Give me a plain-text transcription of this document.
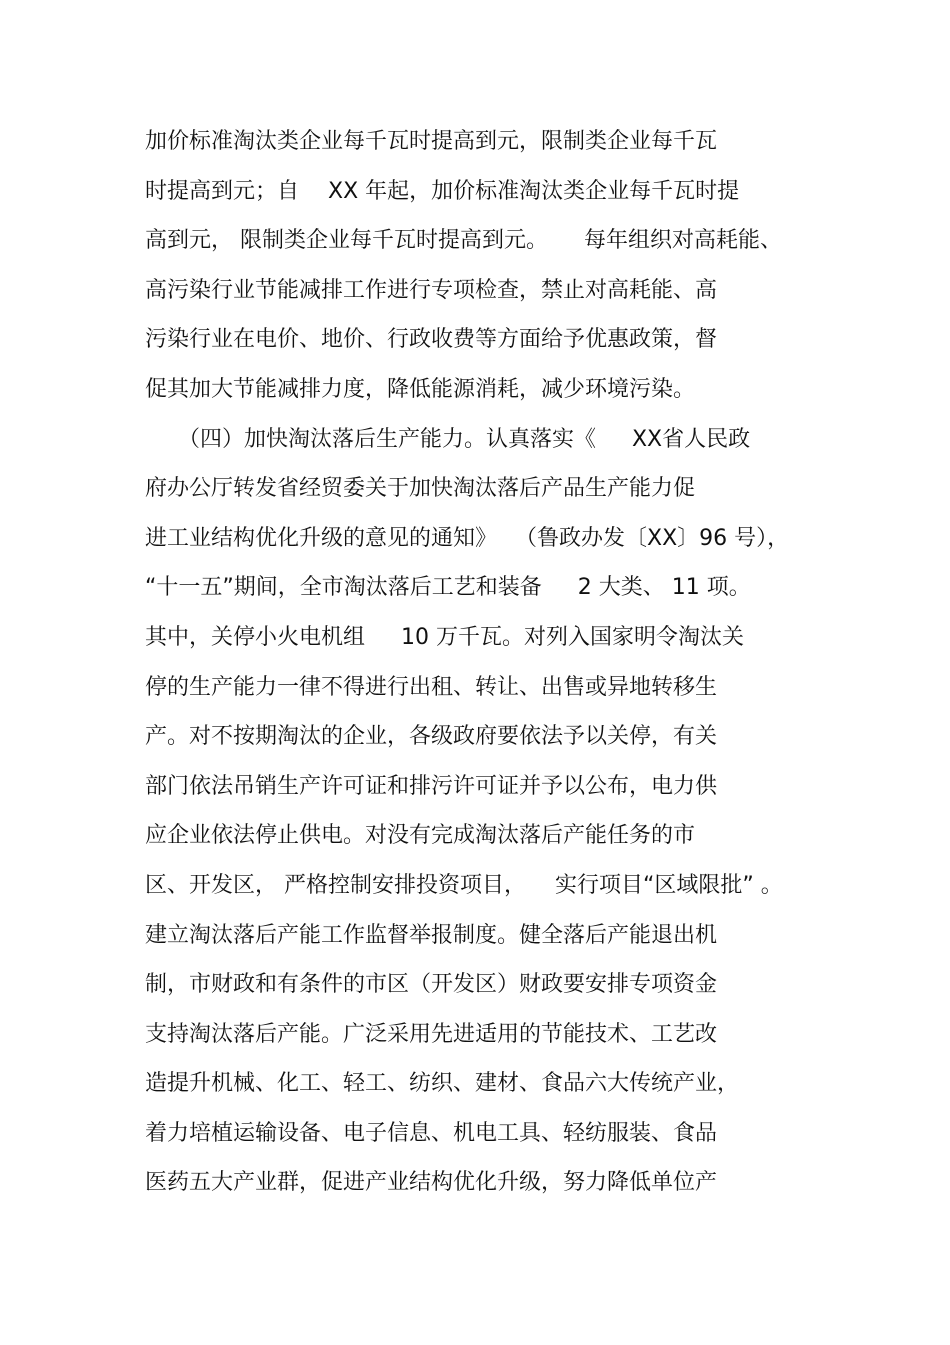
加价标准淘汰类企业每千瓦时提高到元，限制类企业每千瓦
时提高到元；自 　XX 年起，加价标准淘汰类企业每千瓦时提
高到元， 限制类企业每千瓦时提高到元。 　 每年组织对高耗能、
高污染行业节能减排工作进行专项检查，禁止对高耗能、高
污染行业在电价、地价、行政收费等方面给予优惠政策，督
促其加大节能减排力度，降低能源消耗，减少环境污染。
　　（四）加快淘汰落后生产能力。认真落实《 　 XX省人民政
府办公厅转发省经贸委关于加快淘汰落后产品生产能力促
进工业结构优化升级的意见的通知》 　（鲁政办发〔XX〕96 号），
“十一五”期间，全市淘汰落后工艺和装备 　 2 大类、 11 项。
其中，关停小火电机组 　 10 万千瓦。对列入国家明令淘汰关
停的生产能力一律不得进行出租、转让、出售或异地转移生
产。对不按期淘汰的企业，各级政府要依法予以关停，有关
部门依法吊销生产许可证和排污许可证并予以公布，电力供
应企业依法停止供电。对没有完成淘汰落后产能任务的市
区、开发区， 严格控制安排投资项目， 　实行项目“区域限批” 。
建立淘汰落后产能工作监督举报制度。健全落后产能退出机
制，市财政和有条件的市区（开发区）财政要安排专项资金
支持淘汰落后产能。广泛采用先进适用的节能技术、工艺改
造提升机械、化工、轻工、纺织、建材、食品六大传统产业，
着力培植运输设备、电子信息、机电工具、轻纺服装、食品
医药五大产业群，促进产业结构优化升级，努力降低单位产
